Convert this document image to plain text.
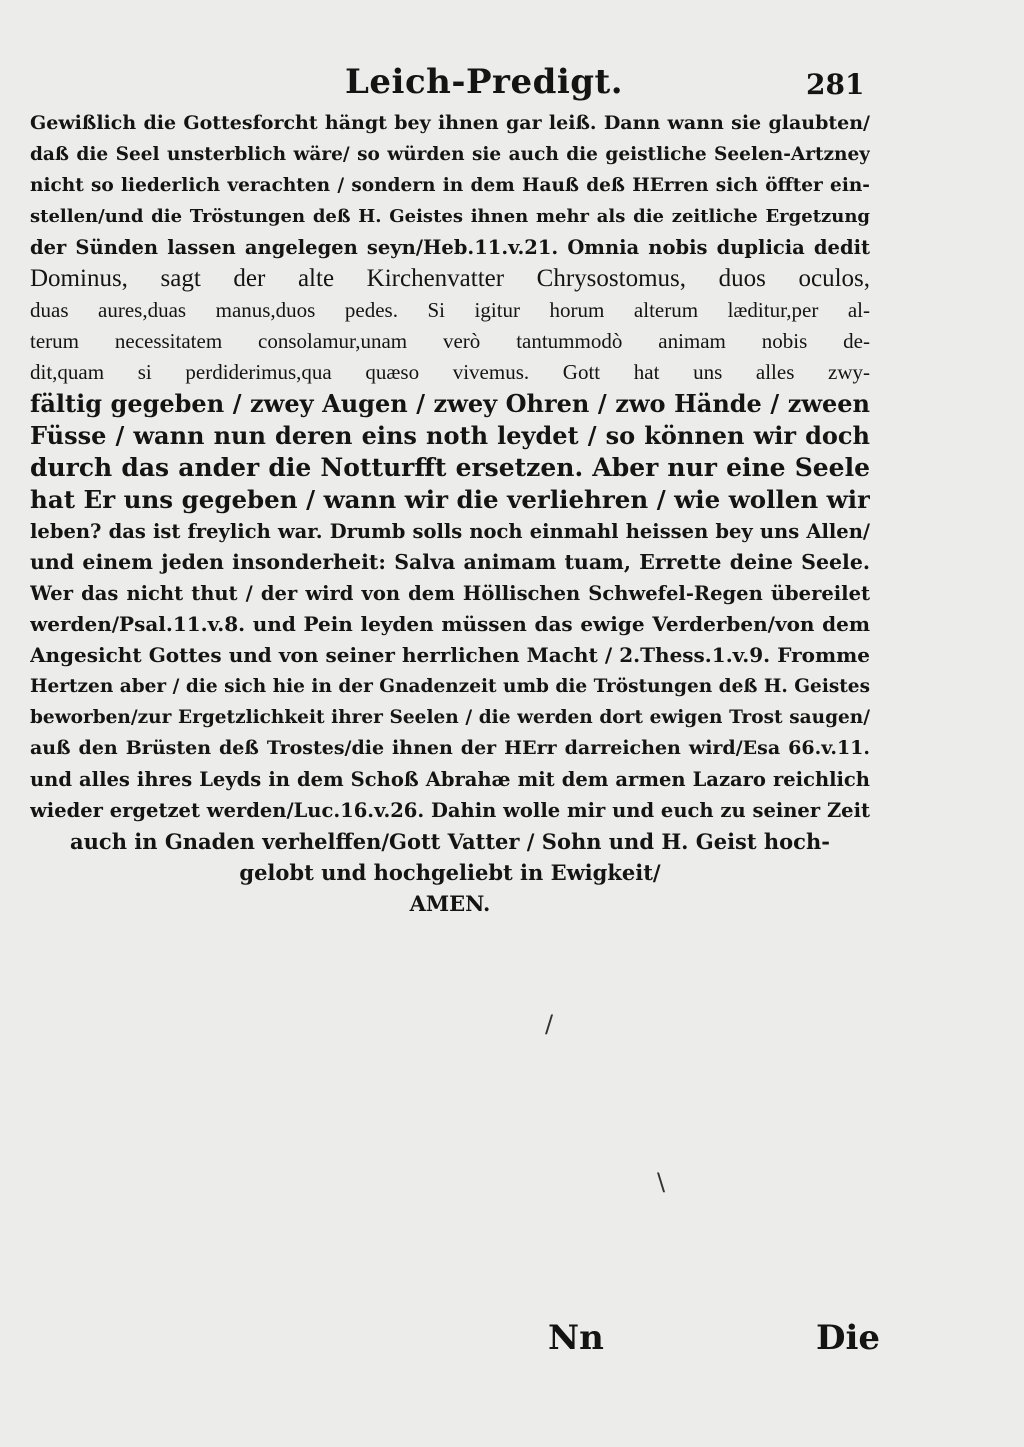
Leich-Predigt.	281
Gewißlich die Gottesforcht hängt bey ihnen gar leiß. Dann wann sie glaubten/
daß die Seel unsterblich wäre/ so würden sie auch die geistliche Seelen-Artzney
nicht so liederlich verachten / sondern in dem Hauß deß HErren sich öffter ein-
stellen/und die Tröstungen deß H. Geistes ihnen mehr als die zeitliche Ergetzung
der Sünden lassen angelegen seyn/Heb.11.v.21. Omnia nobis duplicia dedit
Dominus, sagt der alte Kirchenvatter Chrysostomus, duos oculos,
duas aures,duas manus,duos pedes. Si igitur horum alterum læditur,per al-
terum necessitatem consolamur,unam verò tantummodò animam nobis de-
dit,quam si perdiderimus,qua quæso vivemus. Gott hat uns alles zwy-
fältig gegeben / zwey Augen / zwey Ohren / zwo Hände / zween
Füsse / wann nun deren eins noth leydet / so können wir doch
durch das ander die Notturfft ersetzen. Aber nur eine Seele
hat Er uns gegeben / wann wir die verliehren / wie wollen wir
leben? das ist freylich war. Drumb solls noch einmahl heissen bey uns Allen/
und einem jeden insonderheit: Salva animam tuam, Errette deine Seele.
Wer das nicht thut / der wird von dem Höllischen Schwefel-Regen übereilet
werden/Psal.11.v.8. und Pein leyden müssen das ewige Verderben/von dem
Angesicht Gottes und von seiner herrlichen Macht / 2.Thess.1.v.9. Fromme
Hertzen aber / die sich hie in der Gnadenzeit umb die Tröstungen deß H. Geistes
beworben/zur Ergetzlichkeit ihrer Seelen / die werden dort ewigen Trost saugen/
auß den Brüsten deß Trostes/die ihnen der HErr darreichen wird/Esa 66.v.11.
und alles ihres Leyds in dem Schoß Abrahæ mit dem armen Lazaro reichlich
wieder ergetzet werden/Luc.16.v.26. Dahin wolle mir und euch zu seiner Zeit
auch in Gnaden verhelffen/Gott Vatter / Sohn und H. Geist hoch-
gelobt und hochgeliebt in Ewigkeit/
AMEN.
/
\
Nn	Die
